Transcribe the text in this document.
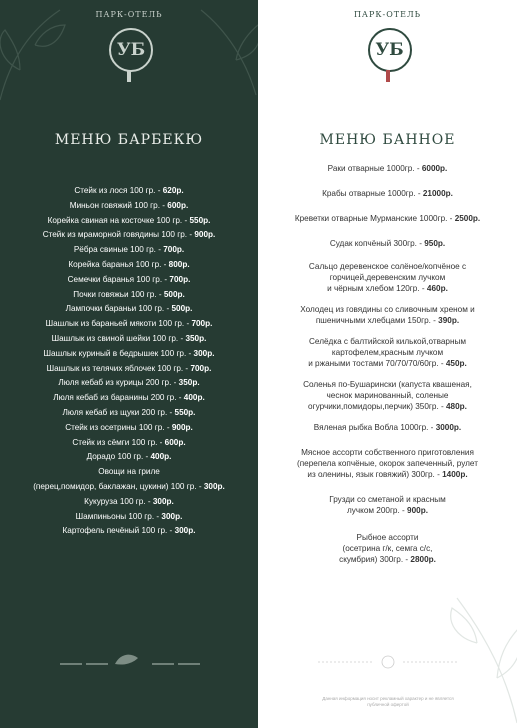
ПАРК-ОТЕЛЬ
УБ
МЕНЮ БАРБЕКЮ
Стейк из лося 100 гр. - 620р.
Миньон говяжий 100 гр. - 600р.
Корейка свиная на косточке 100 гр. - 550р.
Стейк из мраморной говядины 100 гр. - 900р.
Рёбра свиные 100 гр. - 700р.
Корейка баранья 100 гр. - 800р.
Семечки баранья 100 гр. - 700р.
Почки говяжьи 100 гр. - 500р.
Лампочки бараньи 100 гр. - 500р.
Шашлык из бараньей мякоти 100 гр. - 700р.
Шашлык из свиной шейки 100 гр. - 350р.
Шашлык куриный в бедрышек 100 гр. - 300р.
Шашлык из телячих яблочек 100 гр. - 700р.
Люля кебаб из курицы 200 гр. - 350р.
Люля кебаб из баранины 200 гр. - 400р.
Люля кебаб из щуки 200 гр. - 550р.
Стейк из осетрины 100 гр. - 900р.
Стейк из сёмги 100 гр. - 600р.
Дорадо 100 гр. - 400р.
Овощи на гриле
(перец,помидор, баклажан, цукини) 100 гр. - 300р.
Кукуруза 100 гр. - 300р.
Шампиньоны 100 гр. - 300р.
Картофель печёный 100 гр. - 300р.
ПАРК-ОТЕЛЬ
УБ
МЕНЮ БАННОЕ
Раки отварные 1000гр. - 6000р.
Крабы отварные 1000гр. - 21000р.
Креветки отварные Мурманские 1000гр. - 2500р.
Судак копчёный 300гр. - 950р.
Сальцо деревенское солёное/копчёное с
горчицей,деревенским лучком
и чёрным хлебом 120гр. - 460р.
Холодец из говядины со сливочным хреном и
пшеничными хлебцами 150гр. - 390р.
Селёдка с балтийской килькой,отварным
картофелем,красным лучком
и ржаными тостами 70/70/70/60гр. - 450р.
Соленья по-Бушарински (капуста квашеная,
чеснок маринованный, соленые
огурчики,помидоры,перчик) 350гр. - 480р.
Вяленая рыбка Вобла 1000гр. - 3000р.
Мясное ассорти собственного приготовления
(перепела копчёные, окорок запеченный, рулет
из оленины, язык говяжий) 300гр. - 1400р.
Грузди со сметаной и красным
лучком 200гр. - 900р.
Рыбное ассорти
(осетрина г/к, семга с/с,
скумбрия) 300гр. - 2800р.
Данная информация носит рекламный характер и не является публичной офертой
